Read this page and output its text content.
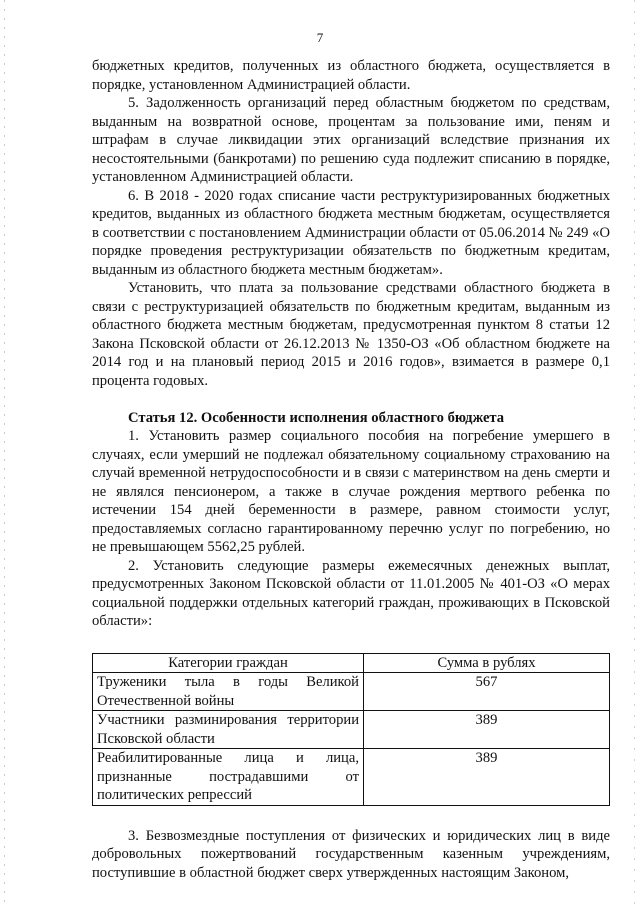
7

бюджетных кредитов, полученных из областного бюджета, осуществляется в порядке, установленном Администрацией области.

5. Задолженность организаций перед областным бюджетом по средствам, выданным на возвратной основе, процентам за пользование ими, пеням и штрафам в случае ликвидации этих организаций вследствие признания их несостоятельными (банкротами) по решению суда подлежит списанию в порядке, установленном Администрацией области.

6. В 2018 - 2020 годах списание части реструктуризированных бюджетных кредитов, выданных из областного бюджета местным бюджетам, осуществляется в соответствии с постановлением Администрации области от 05.06.2014 № 249 «О порядке проведения реструктуризации обязательств по бюджетным кредитам, выданным из областного бюджета местным бюджетам».

Установить, что плата за пользование средствами областного бюджета в связи с реструктуризацией обязательств по бюджетным кредитам, выданным из областного бюджета местным бюджетам, предусмотренная пунктом 8 статьи 12 Закона Псковской области от 26.12.2013 № 1350-ОЗ «Об областном бюджете на 2014 год и на плановый период 2015 и 2016 годов», взимается в размере 0,1 процента годовых.

Статья 12. Особенности исполнения областного бюджета

1. Установить размер социального пособия на погребение умершего в случаях, если умерший не подлежал обязательному социальному страхованию на случай временной нетрудоспособности и в связи с материнством на день смерти и не являлся пенсионером, а также в случае рождения мертвого ребенка по истечении 154 дней беременности в размере, равном стоимости услуг, предоставляемых согласно гарантированному перечню услуг по погребению, но не превышающем 5562,25 рублей.

2. Установить следующие размеры ежемесячных денежных выплат, предусмотренных Законом Псковской области от 11.01.2005 № 401-ОЗ «О мерах социальной поддержки отдельных категорий граждан, проживающих в Псковской области»:

Категории граждан	Сумма в рублях

Труженики тыла в годы Великой
Отечественной войны	567

Участники разминирования территории
Псковской области	389

Реабилитированные лица и лица,
признанные пострадавшими от
политических репрессий	389

3. Безвозмездные поступления от физических и юридических лиц в виде добровольных пожертвований государственным казенным учреждениям, поступившие в областной бюджет сверх утвержденных настоящим Законом,
